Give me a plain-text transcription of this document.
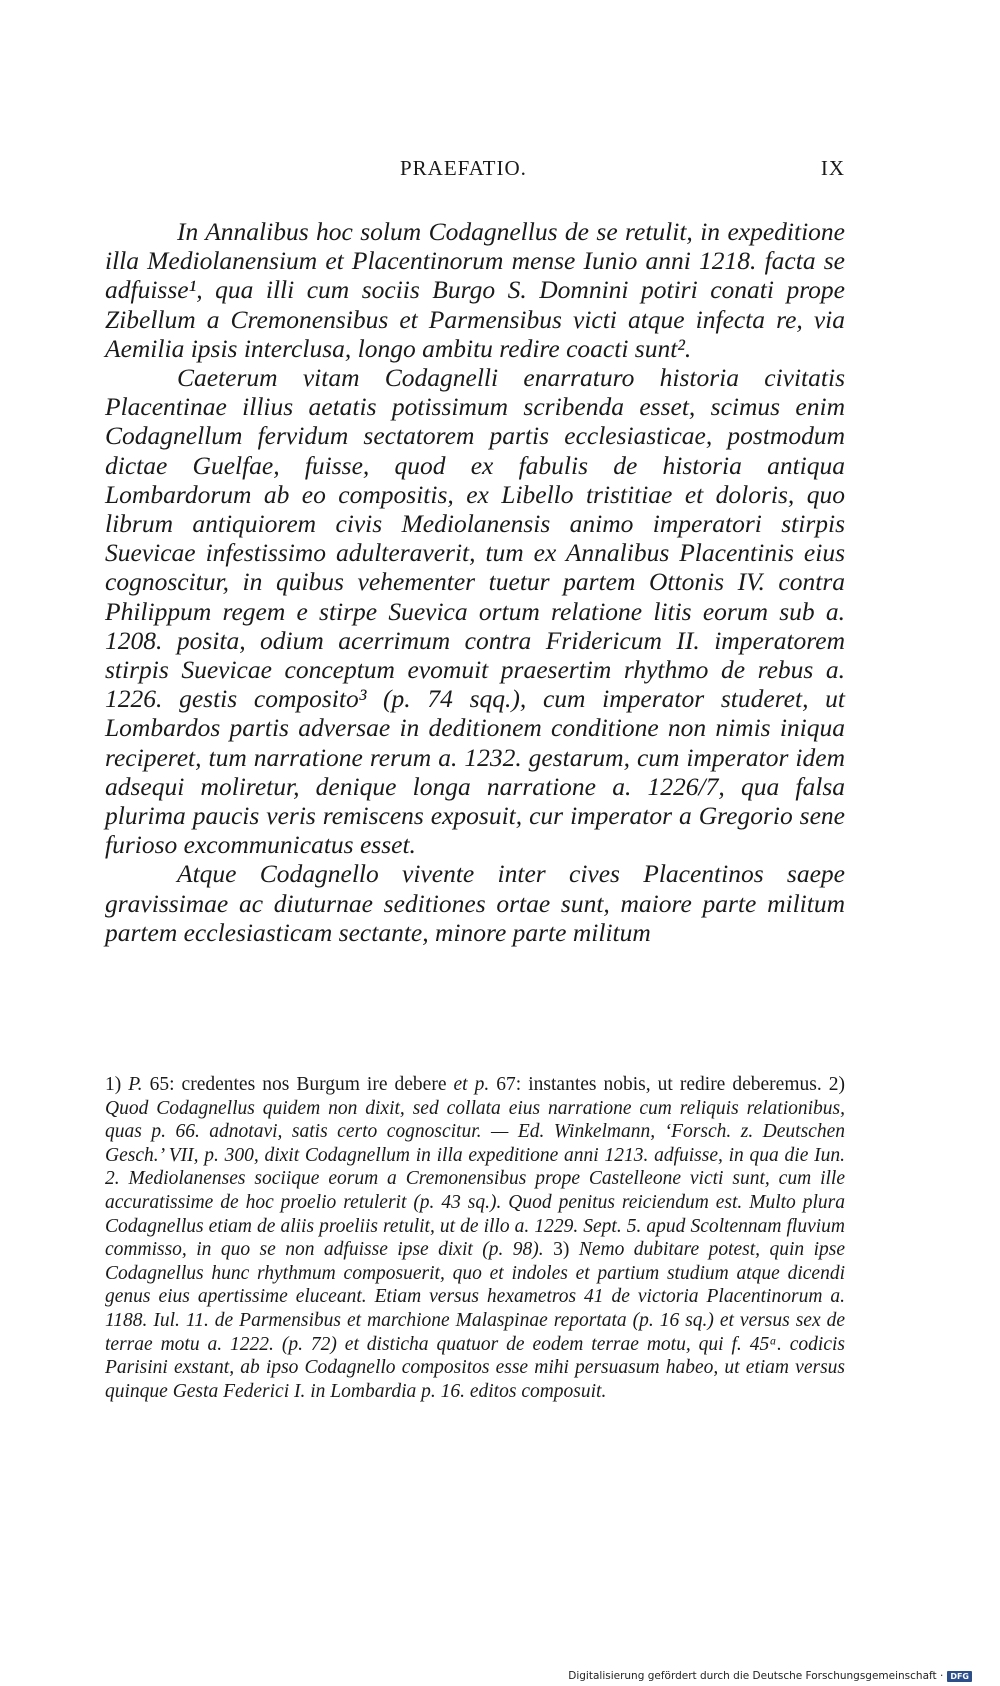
PRAEFATIO.	IX

In Annalibus hoc solum Codagnellus de se retulit, in expeditione illa Mediolanensium et Placentinorum mense Iunio anni 1218. facta se adfuisse¹, qua illi cum sociis Burgo S. Domnini potiri conati prope Zibellum a Cremonensibus et Parmensibus victi atque infecta re, via Aemilia ipsis interclusa, longo ambitu redire coacti sunt².

Caeterum vitam Codagnelli enarraturo historia civitatis Placentinae illius aetatis potissimum scribenda esset, scimus enim Codagnellum fervidum sectatorem partis ecclesiasticae, postmodum dictae Guelfae, fuisse, quod ex fabulis de historia antiqua Lombardorum ab eo compositis, ex Libello tristitiae et doloris, quo librum antiquiorem civis Mediolanensis animo imperatori stirpis Suevicae infestissimo adulteraverit, tum ex Annalibus Placentinis eius cognoscitur, in quibus vehementer tuetur partem Ottonis IV. contra Philippum regem e stirpe Suevica ortum relatione litis eorum sub a. 1208. posita, odium acerrimum contra Fridericum II. imperatorem stirpis Suevicae conceptum evomuit praesertim rhythmo de rebus a. 1226. gestis composito³ (p. 74 sqq.), cum imperator studeret, ut Lombardos partis adversae in deditionem conditione non nimis iniqua reciperet, tum narratione rerum a. 1232. gestarum, cum imperator idem adsequi moliretur, denique longa narratione a. 1226/7, qua falsa plurima paucis veris remiscens exposuit, cur imperator a Gregorio sene furioso excommunicatus esset.

Atque Codagnello vivente inter cives Placentinos saepe gravissimae ac diuturnae seditiones ortae sunt, maiore parte militum partem ecclesiasticam sectante, minore parte militum

1) P. 65: credentes nos Burgum ire debere et p. 67: instantes nobis, ut redire deberemus. 2) Quod Codagnellus quidem non dixit, sed collata eius narratione cum reliquis relationibus, quas p. 66. adnotavi, satis certo cognoscitur. — Ed. Winkelmann, ‘Forsch. z. Deutschen Gesch.’ VII, p. 300, dixit Codagnellum in illa expeditione anni 1213. adfuisse, in qua die Iun. 2. Mediolanenses sociique eorum a Cremonensibus prope Castelleone victi sunt, cum ille accuratissime de hoc proelio retulerit (p. 43 sq.). Quod penitus reiciendum est. Multo plura Codagnellus etiam de aliis proeliis retulit, ut de illo a. 1229. Sept. 5. apud Scoltennam fluvium commisso, in quo se non adfuisse ipse dixit (p. 98). 3) Nemo dubitare potest, quin ipse Codagnellus hunc rhythmum composuerit, quo et indoles et partium studium atque dicendi genus eius apertissime eluceant. Etiam versus hexametros 41 de victoria Placentinorum a. 1188. Iul. 11. de Parmensibus et marchione Malaspinae reportata (p. 16 sq.) et versus sex de terrae motu a. 1222. (p. 72) et disticha quatuor de eodem terrae motu, qui f. 45ᵃ. codicis Parisini exstant, ab ipso Codagnello compositos esse mihi persuasum habeo, ut etiam versus quinque Gesta Federici I. in Lombardia p. 16. editos composuit.

Digitalisierung gefördert durch die Deutsche Forschungsgemeinschaft · DFG
